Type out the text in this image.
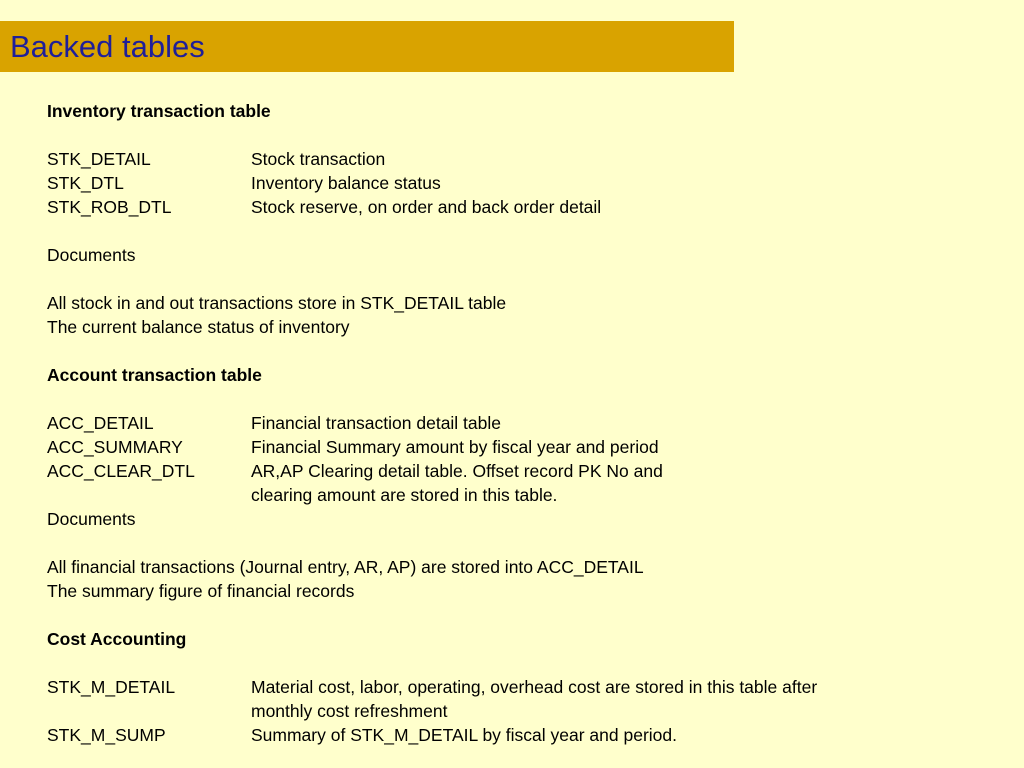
Backed tables
Inventory transaction table
STK_DETAIL	Stock transaction
STK_DTL	Inventory balance status
STK_ROB_DTL	Stock reserve, on order and back order detail
Documents
All stock in and out transactions store in STK_DETAIL table
The current balance status of inventory
Account transaction table
ACC_DETAIL	Financial transaction detail table
ACC_SUMMARY	Financial Summary amount by fiscal year and period
ACC_CLEAR_DTL	AR,AP Clearing detail table. Offset record PK No and
clearing amount are stored in this table.
Documents
All financial transactions (Journal entry, AR, AP) are stored into ACC_DETAIL
The summary figure of financial records
Cost Accounting
STK_M_DETAIL	Material cost, labor, operating, overhead cost are stored in this table after
monthly cost refreshment
STK_M_SUMP	Summary of STK_M_DETAIL by fiscal year and period.
